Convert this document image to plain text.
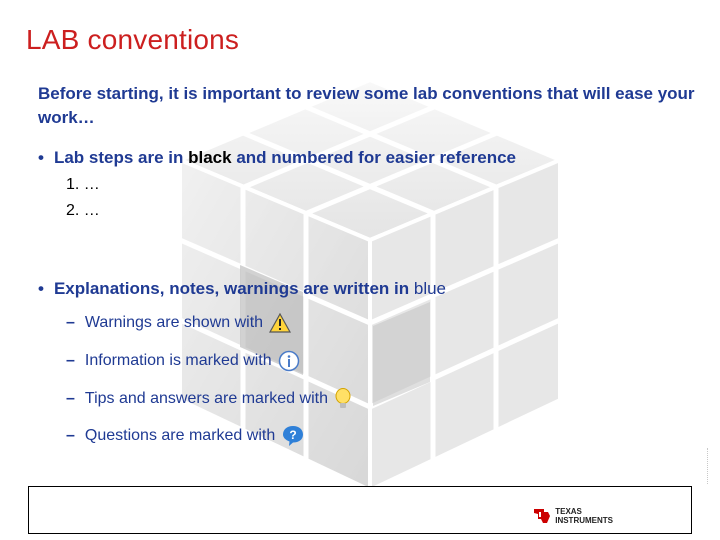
LAB conventions
Before starting, it is important to review some lab conventions that will ease your work…
• Lab steps are in black and numbered for easier reference
1. …
2. …
• Explanations, notes, warnings are written in blue
– Warnings are shown with
– Information is marked with
– Tips and answers are marked with
– Questions are marked with ?
TEXAS
INSTRUMENTS
